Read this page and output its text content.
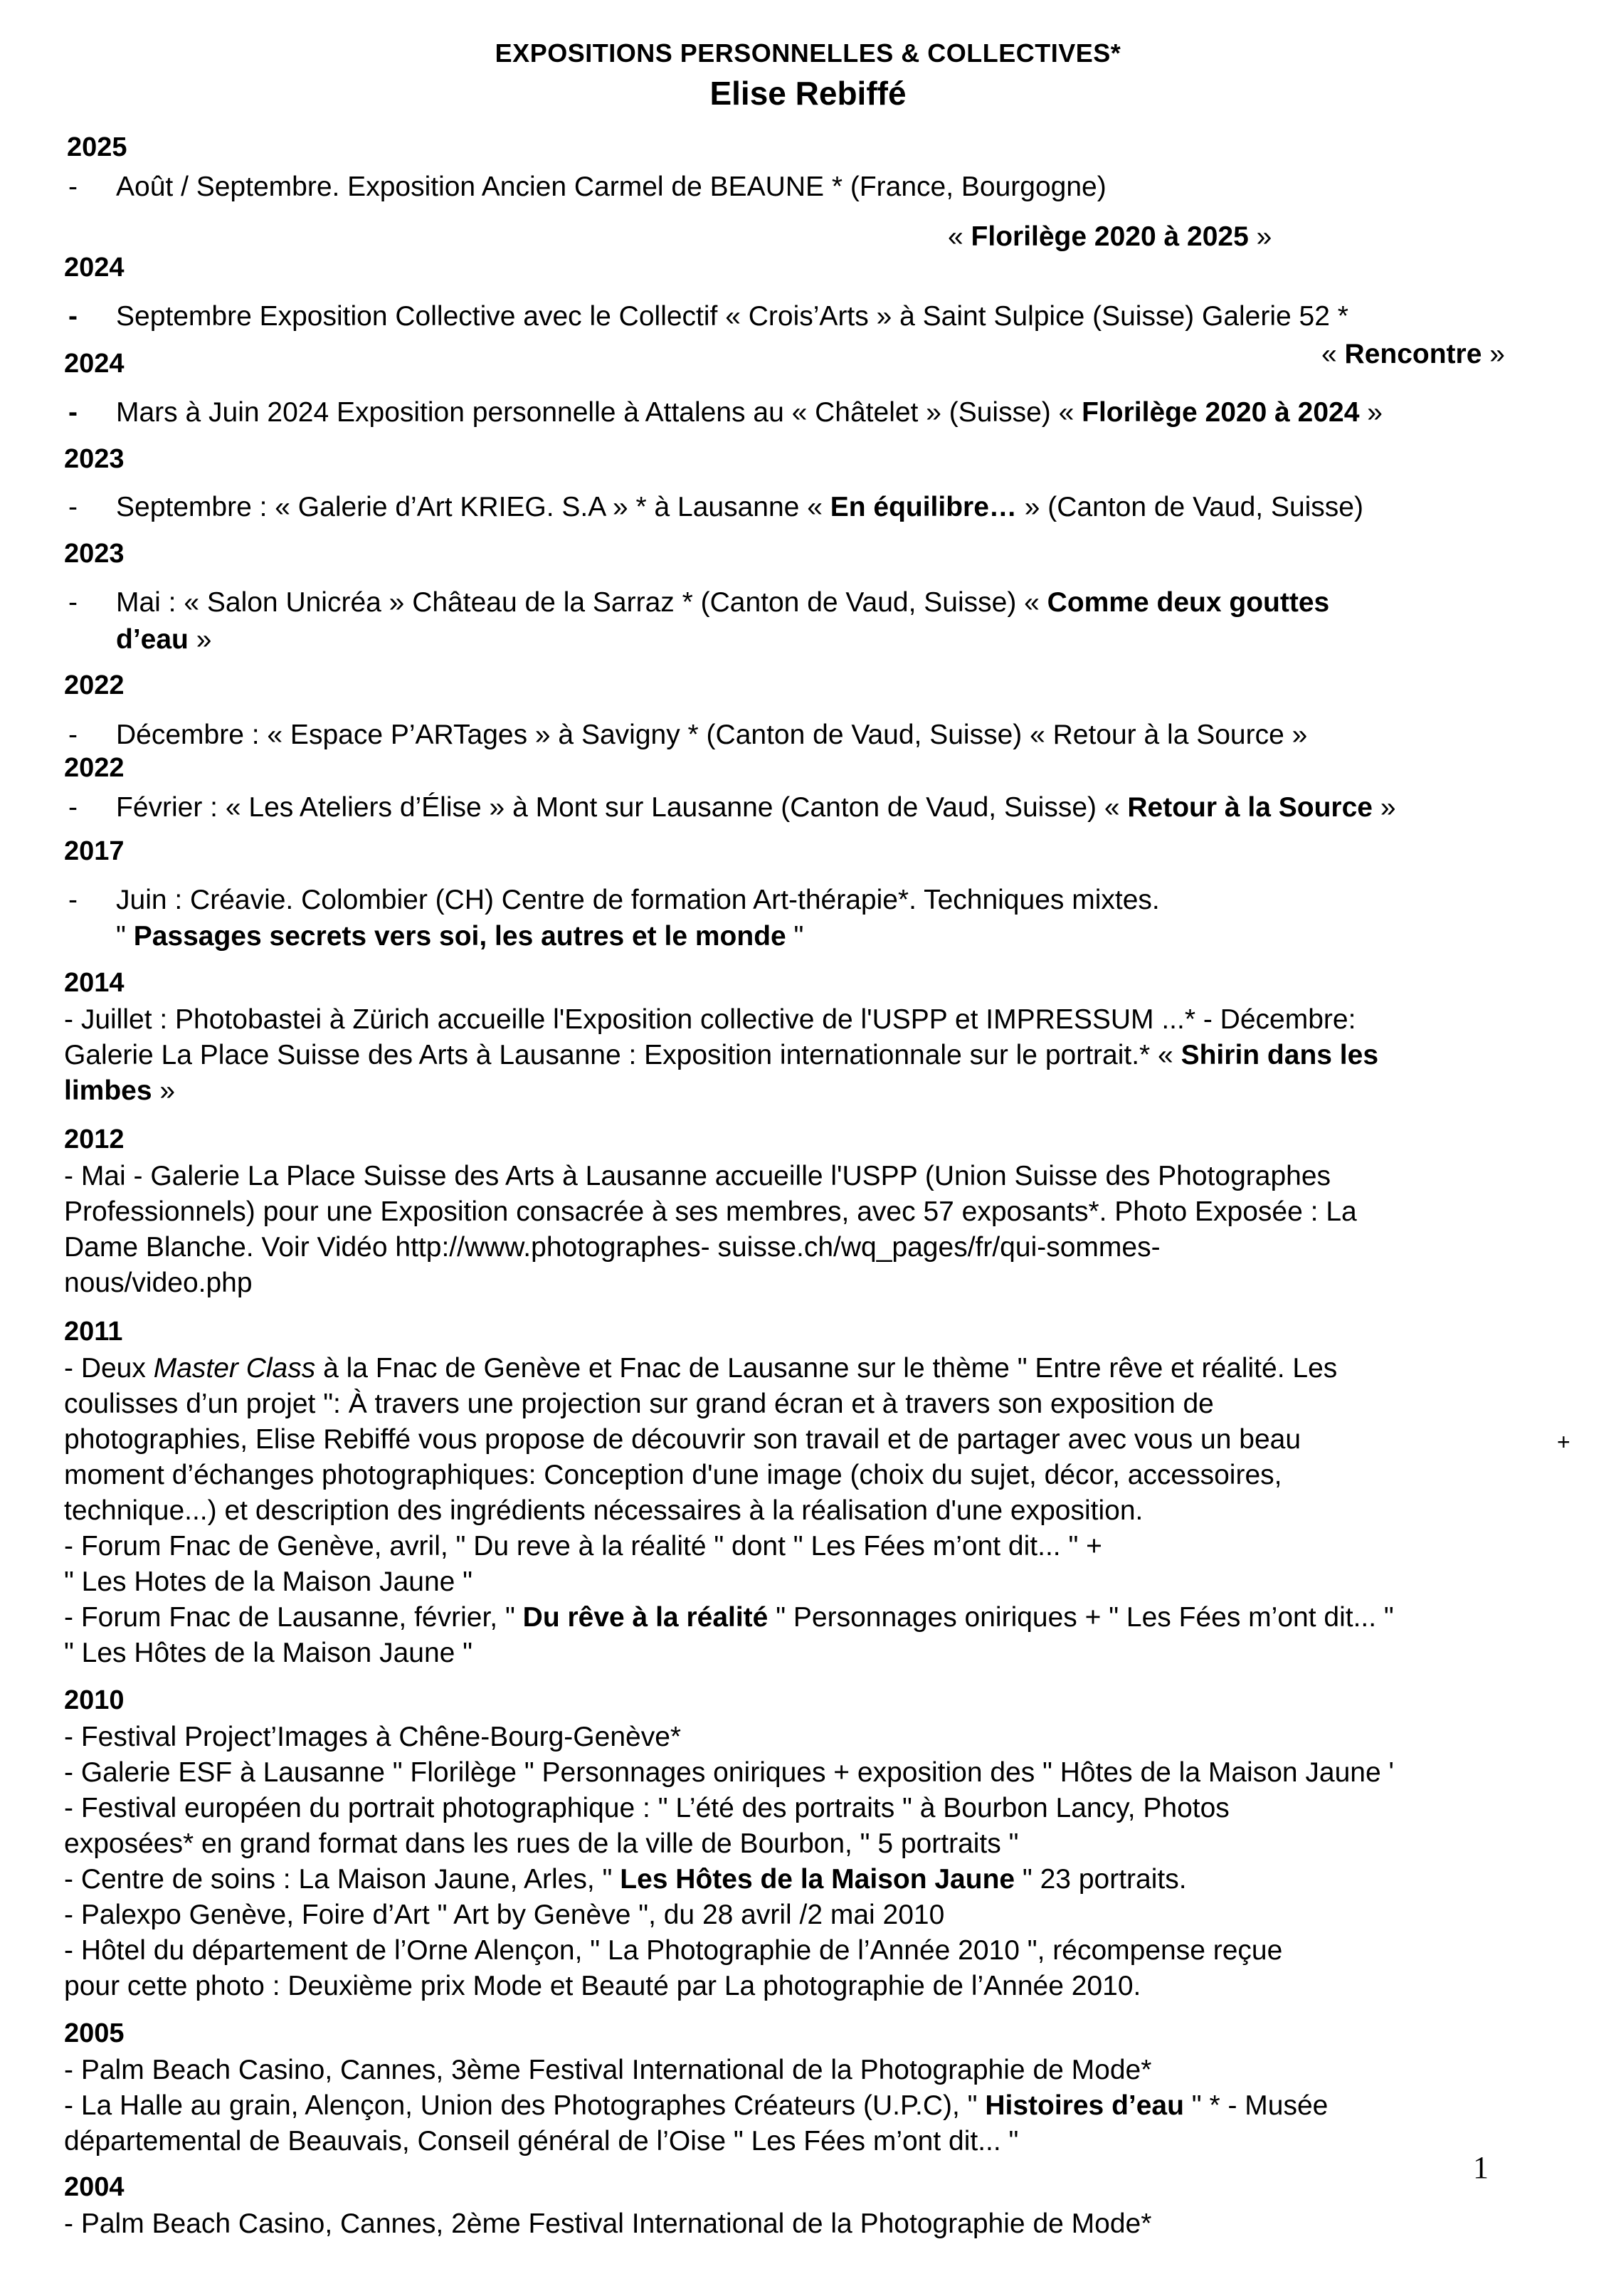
EXPOSITIONS PERSONNELLES & COLLECTIVES*
Elise Rebiffé
2025
- Août / Septembre. Exposition Ancien Carmel de BEAUNE * (France, Bourgogne)
« Florilège 2020 à 2025 »
2024
- Septembre Exposition Collective avec le Collectif « Crois’Arts » à Saint Sulpice (Suisse) Galerie 52 *
« Rencontre »
2024
- Mars à Juin 2024 Exposition personnelle à Attalens au « Châtelet » (Suisse) « Florilège 2020 à 2024 »
2023
- Septembre : « Galerie d’Art KRIEG. S.A » * à Lausanne « En équilibre… » (Canton de Vaud, Suisse)
2023
- Mai : « Salon Unicréa » Château de la Sarraz * (Canton de Vaud, Suisse) « Comme deux gouttes
d’eau »
2022
- Décembre : « Espace P’ARTages » à Savigny * (Canton de Vaud, Suisse) « Retour à la Source »
2022
- Février : « Les Ateliers d’Élise » à Mont sur Lausanne (Canton de Vaud, Suisse) « Retour à la Source »
2017
- Juin : Créavie. Colombier (CH) Centre de formation Art-thérapie*. Techniques mixtes.
" Passages secrets vers soi, les autres et le monde "
2014
- Juillet : Photobastei à Zürich accueille l'Exposition collective de l'USPP et IMPRESSUM ...* - Décembre:
Galerie La Place Suisse des Arts à Lausanne : Exposition internationnale sur le portrait.* « Shirin dans les
limbes »
2012
- Mai - Galerie La Place Suisse des Arts à Lausanne accueille l'USPP (Union Suisse des Photographes
Professionnels) pour une Exposition consacrée à ses membres, avec 57 exposants*. Photo Exposée : La
Dame Blanche. Voir Vidéo http://www.photographes- suisse.ch/wq_pages/fr/qui-sommes-
nous/video.php
2011
- Deux Master Class à la Fnac de Genève et Fnac de Lausanne sur le thème " Entre rêve et réalité. Les
coulisses d’un projet ": À travers une projection sur grand écran et à travers son exposition de
photographies, Elise Rebiffé vous propose de découvrir son travail et de partager avec vous un beau
moment d’échanges photographiques: Conception d'une image (choix du sujet, décor, accessoires,
technique...) et description des ingrédients nécessaires à la réalisation d'une exposition.
- Forum Fnac de Genève, avril, " Du reve à la réalité " dont " Les Fées m’ont dit... " +
" Les Hotes de la Maison Jaune "
- Forum Fnac de Lausanne, février, " Du rêve à la réalité " Personnages oniriques + " Les Fées m’ont dit... "
" Les Hôtes de la Maison Jaune "
+
2010
- Festival Project’Images à Chêne-Bourg-Genève*
- Galerie ESF à Lausanne " Florilège " Personnages oniriques + exposition des " Hôtes de la Maison Jaune '
- Festival européen du portrait photographique : " L’été des portraits " à Bourbon Lancy, Photos
exposées* en grand format dans les rues de la ville de Bourbon, " 5 portraits "
- Centre de soins : La Maison Jaune, Arles, " Les Hôtes de la Maison Jaune " 23 portraits.
- Palexpo Genève, Foire d’Art " Art by Genève ", du 28 avril /2 mai 2010
- Hôtel du département de l’Orne Alençon, " La Photographie de l’Année 2010 ", récompense reçue
pour cette photo : Deuxième prix Mode et Beauté par La photographie de l’Année 2010.
2005
- Palm Beach Casino, Cannes, 3ème Festival International de la Photographie de Mode*
- La Halle au grain, Alençon, Union des Photographes Créateurs (U.P.C), " Histoires d’eau " * - Musée
départemental de Beauvais, Conseil général de l’Oise " Les Fées m’ont dit... "
2004
- Palm Beach Casino, Cannes, 2ème Festival International de la Photographie de Mode*
1
